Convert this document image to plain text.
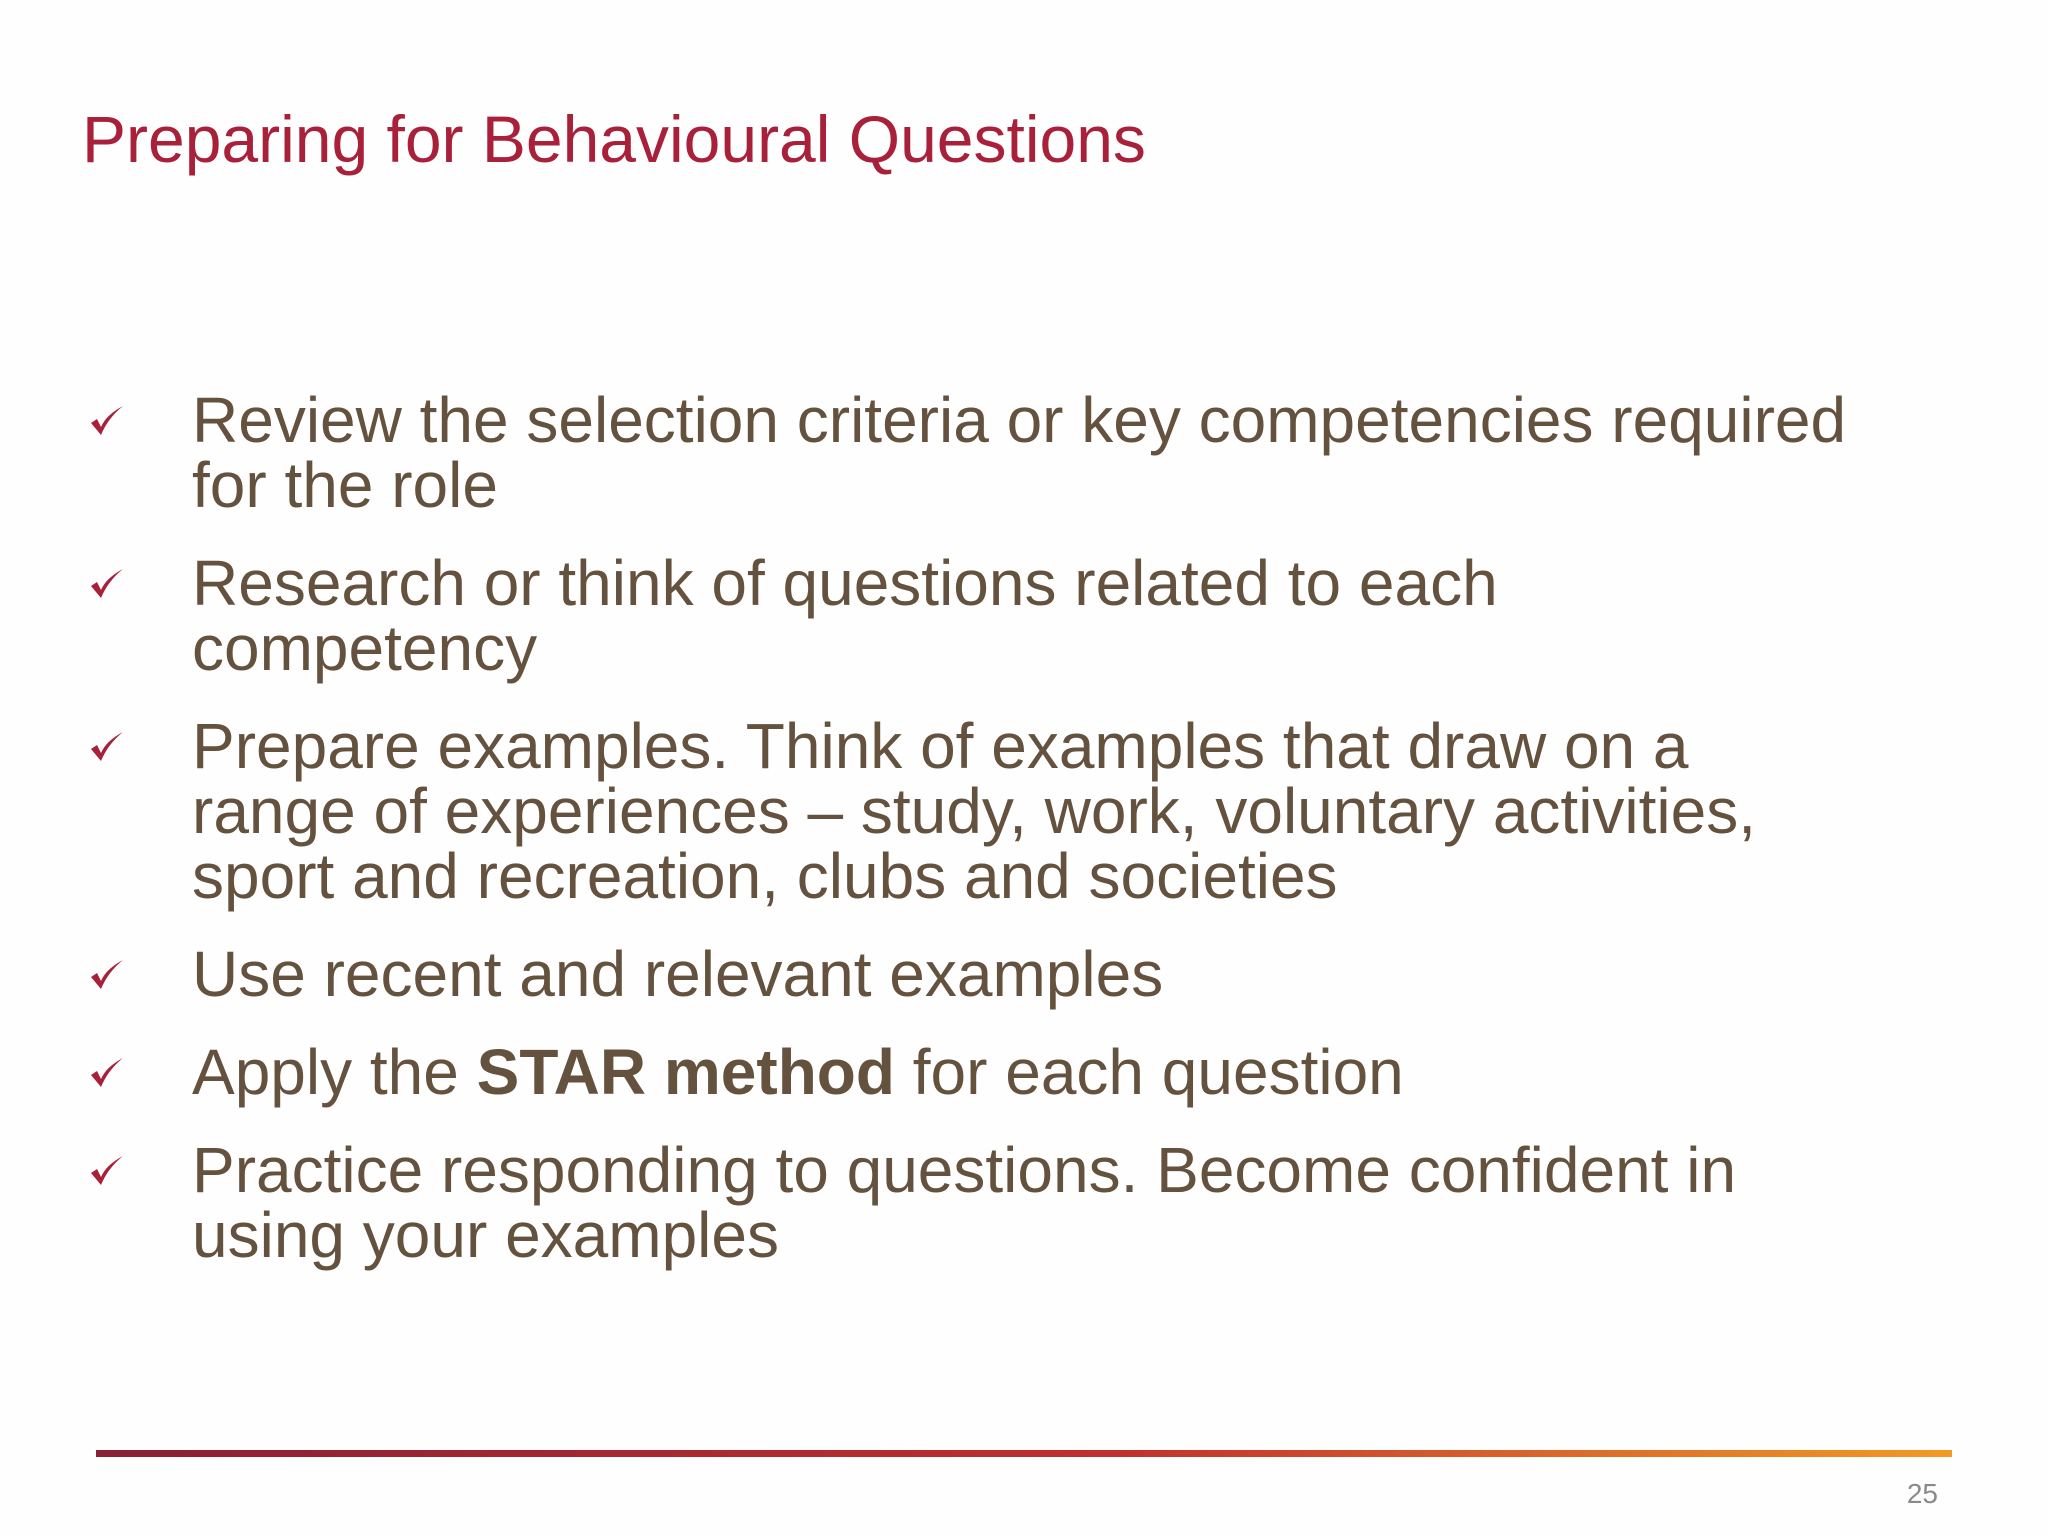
Preparing for Behavioural Questions
Review the selection criteria or key competencies required
for the role
Research or think of questions related to each
competency
Prepare examples. Think of examples that draw on a
range of experiences – study, work, voluntary activities,
sport and recreation, clubs and societies
Use recent and relevant examples
Apply the STAR method for each question
Practice responding to questions. Become confident in
using your examples
25
